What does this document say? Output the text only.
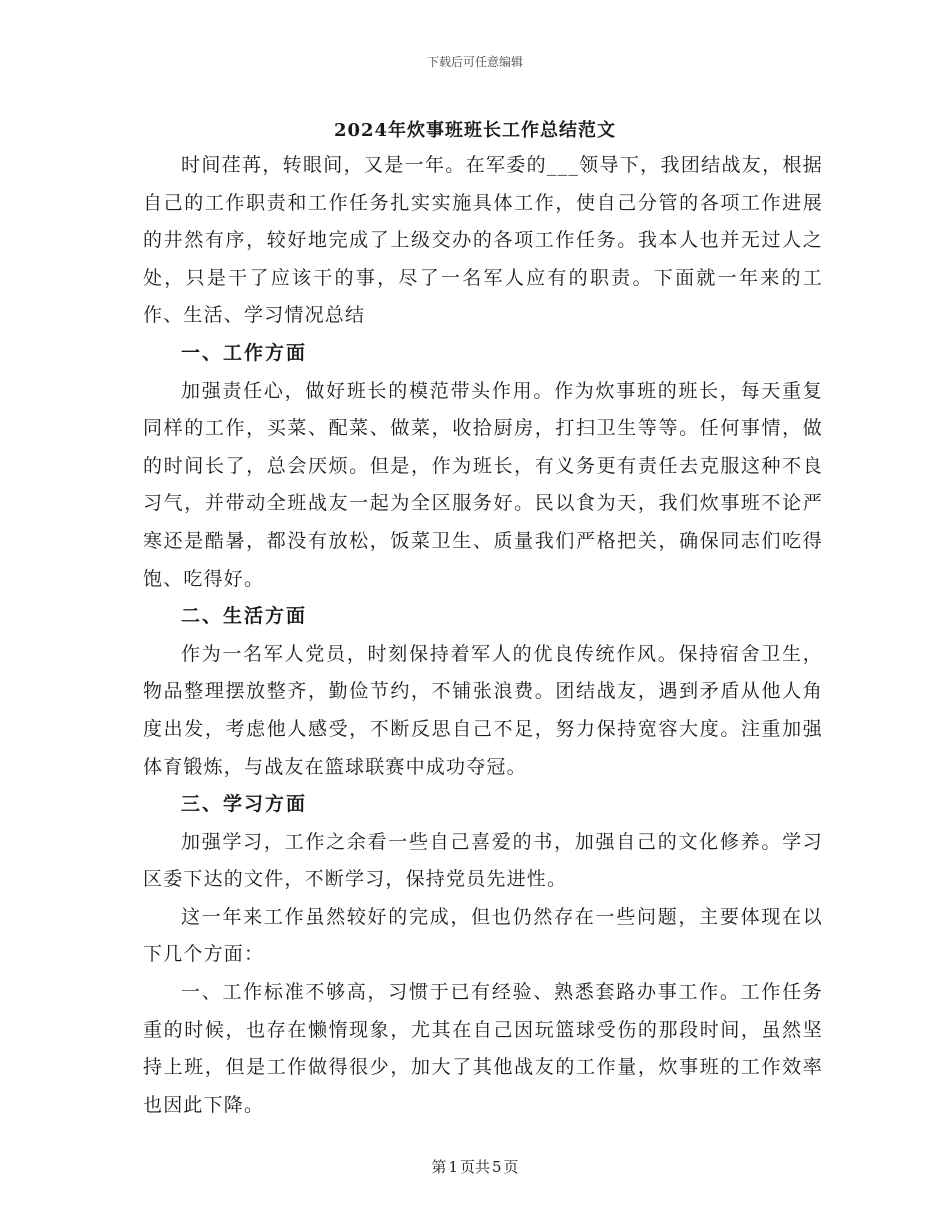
下载后可任意编辑
2024年炊事班班长工作总结范文

时间荏苒，转眼间，又是一年。在军委的___领导下，我团结战友，根据自己的工作职责和工作任务扎实实施具体工作，使自己分管的各项工作进展的井然有序，较好地完成了上级交办的各项工作任务。我本人也并无过人之处，只是干了应该干的事，尽了一名军人应有的职责。下面就一年来的工作、生活、学习情况总结

一、工作方面

加强责任心，做好班长的模范带头作用。作为炊事班的班长，每天重复同样的工作，买菜、配菜、做菜，收拾厨房，打扫卫生等等。任何事情，做的时间长了，总会厌烦。但是，作为班长，有义务更有责任去克服这种不良习气，并带动全班战友一起为全区服务好。民以食为天，我们炊事班不论严寒还是酷暑，都没有放松，饭菜卫生、质量我们严格把关，确保同志们吃得饱、吃得好。

二、生活方面

作为一名军人党员，时刻保持着军人的优良传统作风。保持宿舍卫生，物品整理摆放整齐，勤俭节约，不铺张浪费。团结战友，遇到矛盾从他人角度出发，考虑他人感受，不断反思自己不足，努力保持宽容大度。注重加强体育锻炼，与战友在篮球联赛中成功夺冠。

三、学习方面

加强学习，工作之余看一些自己喜爱的书，加强自己的文化修养。学习区委下达的文件，不断学习，保持党员先进性。

这一年来工作虽然较好的完成，但也仍然存在一些问题，主要体现在以下几个方面：

一、工作标准不够高，习惯于已有经验、熟悉套路办事工作。工作任务重的时候，也存在懒惰现象，尤其在自己因玩篮球受伤的那段时间，虽然坚持上班，但是工作做得很少，加大了其他战友的工作量，炊事班的工作效率也因此下降。

第 1 页共 5 页
